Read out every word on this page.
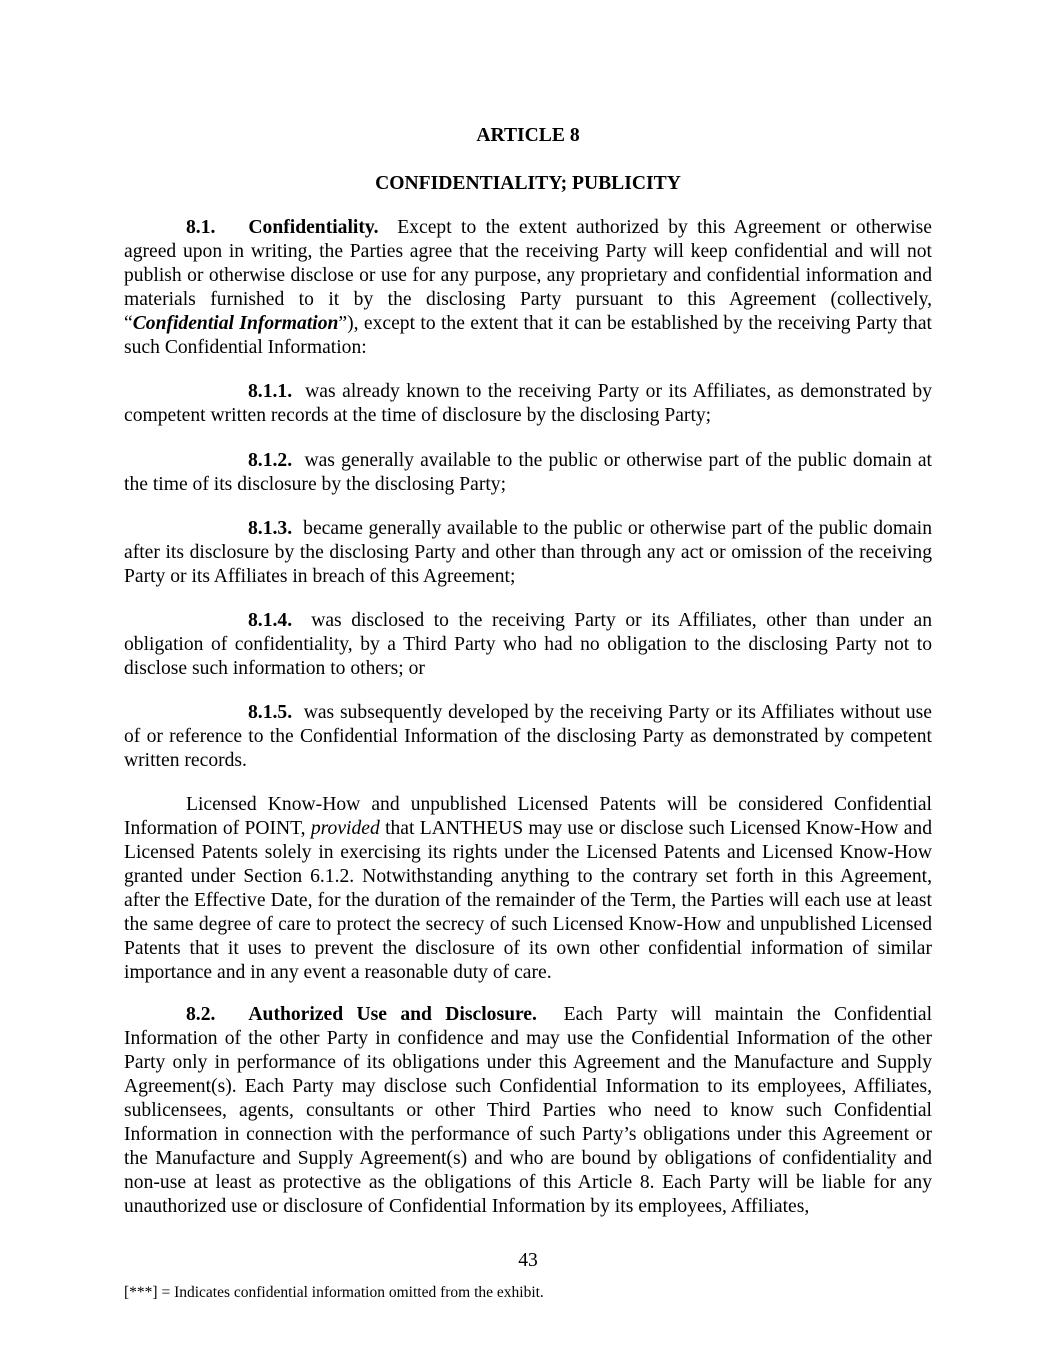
ARTICLE 8
CONFIDENTIALITY; PUBLICITY
8.1. Confidentiality. Except to the extent authorized by this Agreement or otherwise agreed upon in writing, the Parties agree that the receiving Party will keep confidential and will not publish or otherwise disclose or use for any purpose, any proprietary and confidential information and materials furnished to it by the disclosing Party pursuant to this Agreement (collectively, “Confidential Information”), except to the extent that it can be established by the receiving Party that such Confidential Information:
8.1.1. was already known to the receiving Party or its Affiliates, as demonstrated by competent written records at the time of disclosure by the disclosing Party;
8.1.2. was generally available to the public or otherwise part of the public domain at the time of its disclosure by the disclosing Party;
8.1.3. became generally available to the public or otherwise part of the public domain after its disclosure by the disclosing Party and other than through any act or omission of the receiving Party or its Affiliates in breach of this Agreement;
8.1.4. was disclosed to the receiving Party or its Affiliates, other than under an obligation of confidentiality, by a Third Party who had no obligation to the disclosing Party not to disclose such information to others; or
8.1.5. was subsequently developed by the receiving Party or its Affiliates without use of or reference to the Confidential Information of the disclosing Party as demonstrated by competent written records.
Licensed Know-How and unpublished Licensed Patents will be considered Confidential Information of POINT, provided that LANTHEUS may use or disclose such Licensed Know-How and Licensed Patents solely in exercising its rights under the Licensed Patents and Licensed Know-How granted under Section 6.1.2. Notwithstanding anything to the contrary set forth in this Agreement, after the Effective Date, for the duration of the remainder of the Term, the Parties will each use at least the same degree of care to protect the secrecy of such Licensed Know-How and unpublished Licensed Patents that it uses to prevent the disclosure of its own other confidential information of similar importance and in any event a reasonable duty of care.
8.2. Authorized Use and Disclosure. Each Party will maintain the Confidential Information of the other Party in confidence and may use the Confidential Information of the other Party only in performance of its obligations under this Agreement and the Manufacture and Supply Agreement(s). Each Party may disclose such Confidential Information to its employees, Affiliates, sublicensees, agents, consultants or other Third Parties who need to know such Confidential Information in connection with the performance of such Party’s obligations under this Agreement or the Manufacture and Supply Agreement(s) and who are bound by obligations of confidentiality and non-use at least as protective as the obligations of this Article 8. Each Party will be liable for any unauthorized use or disclosure of Confidential Information by its employees, Affiliates,
43
[***] = Indicates confidential information omitted from the exhibit.
